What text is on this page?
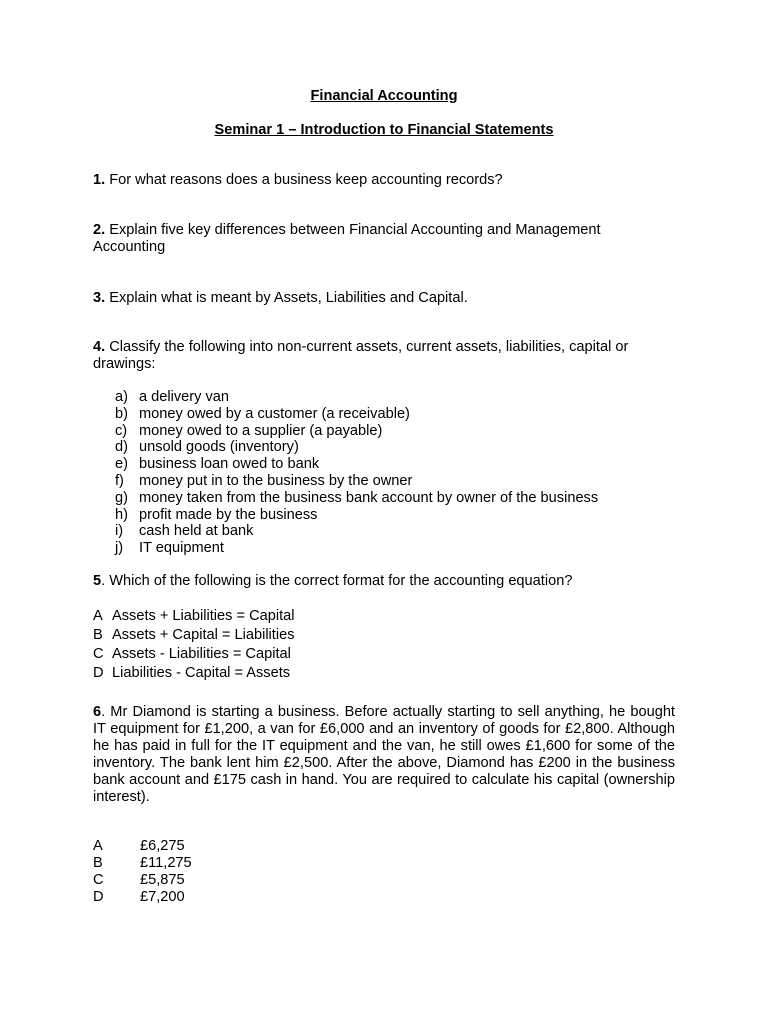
Financial Accounting
Seminar 1 – Introduction to Financial Statements

1. For what reasons does a business keep accounting records?

2. Explain five key differences between Financial Accounting and Management Accounting

3. Explain what is meant by Assets, Liabilities and Capital.

4. Classify the following into non-current assets, current assets, liabilities, capital or drawings:

a) a delivery van
b) money owed by a customer (a receivable)
c) money owed to a supplier (a payable)
d) unsold goods (inventory)
e) business loan owed to bank
f) money put in to the business by the owner
g) money taken from the business bank account by owner of the business
h) profit made by the business
i) cash held at bank
j) IT equipment

5. Which of the following is the correct format for the accounting equation?

A Assets + Liabilities = Capital
B Assets + Capital = Liabilities
C Assets - Liabilities = Capital
D Liabilities - Capital = Assets

6. Mr Diamond is starting a business. Before actually starting to sell anything, he bought IT equipment for £1,200, a van for £6,000 and an inventory of goods for £2,800. Although he has paid in full for the IT equipment and the van, he still owes £1,600 for some of the inventory. The bank lent him £2,500. After the above, Diamond has £200 in the business bank account and £175 cash in hand. You are required to calculate his capital (ownership interest).

A	£6,275
B	£11,275
C £5,875
D £7,200
